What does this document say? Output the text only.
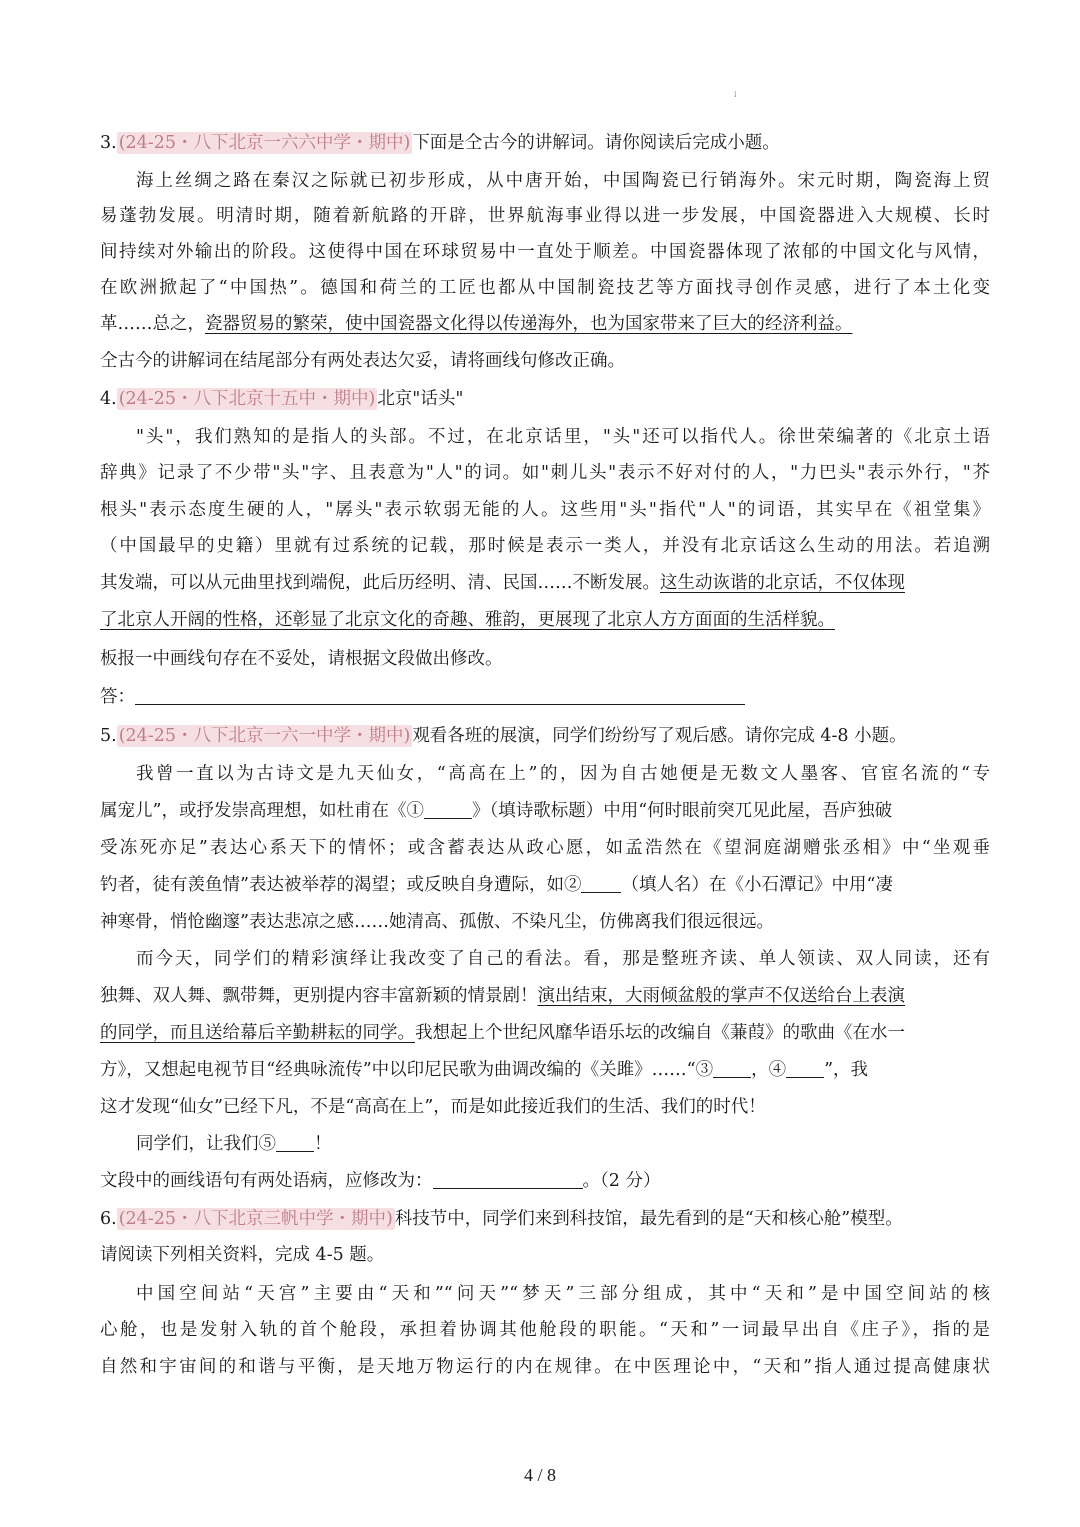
i
3. (24-25・八下北京一六六中学・期中) 下面是仝古今的讲解词。请你阅读后完成小题。
海上丝绸之路在秦汉之际就已初步形成，从中唐开始，中国陶瓷已行销海外。宋元时期，陶瓷海上贸
易蓬勃发展。明清时期，随着新航路的开辟，世界航海事业得以进一步发展，中国瓷器进入大规模、长时
间持续对外输出的阶段。这使得中国在环球贸易中一直处于顺差。中国瓷器体现了浓郁的中国文化与风情，
在欧洲掀起了“中国热”。德国和荷兰的工匠也都从中国制瓷技艺等方面找寻创作灵感，进行了本土化变
革……总之，瓷器贸易的繁荣，使中国瓷器文化得以传递海外，也为国家带来了巨大的经济利益。
仝古今的讲解词在结尾部分有两处表达欠妥，请将画线句修改正确。
4. (24-25・八下北京十五中・期中) 北京"话头"
"头"，我们熟知的是指人的头部。不过，在北京话里，"头"还可以指代人。徐世荣编著的《北京土语
辞典》记录了不少带"头"字、且表意为"人"的词。如"刺儿头"表示不好对付的人，"力巴头"表示外行，"芥
根头"表示态度生硬的人，"孱头"表示软弱无能的人。这些用"头"指代"人"的词语，其实早在《祖堂集》
（中国最早的史籍）里就有过系统的记载，那时候是表示一类人，并没有北京话这么生动的用法。若追溯
其发端，可以从元曲里找到端倪，此后历经明、清、民国……不断发展。这生动诙谐的北京话，不仅体现
了北京人开阔的性格，还彰显了北京文化的奇趣、雅韵，更展现了北京人方方面面的生活样貌。
板报一中画线句存在不妥处，请根据文段做出修改。
答：
5. (24-25・八下北京一六一中学・期中) 观看各班的展演，同学们纷纷写了观后感。请你完成 4-8 小题。
我曾一直以为古诗文是九天仙女，“高高在上”的，因为自古她便是无数文人墨客、官宦名流的“专
属宠儿”，或抒发崇高理想，如杜甫在《①	》（填诗歌标题）中用“何时眼前突兀见此屋，吾庐独破
受冻死亦足”表达心系天下的情怀；或含蓄表达从政心愿，如孟浩然在《望洞庭湖赠张丞相》中“坐观垂
钓者，徒有羡鱼情”表达被举荐的渴望；或反映自身遭际，如② （填人名）在《小石潭记》中用“凄
神寒骨，悄怆幽邃”表达悲凉之感……她清高、孤傲、不染凡尘，仿佛离我们很远很远。
而今天，同学们的精彩演绎让我改变了自己的看法。看，那是整班齐读、单人领读、双人同读，还有
独舞、双人舞、飘带舞，更别提内容丰富新颖的情景剧！演出结束，大雨倾盆般的掌声不仅送给台上表演
的同学，而且送给幕后辛勤耕耘的同学。我想起上个世纪风靡华语乐坛的改编自《蒹葭》的歌曲《在水一
方》，又想起电视节目“经典咏流传”中以印尼民歌为曲调改编的《关雎》……“③ ，④ ”，我
这才发现“仙女”已经下凡，不是“高高在上”，而是如此接近我们的生活、我们的时代！
同学们，让我们⑤ ！
文段中的画线语句有两处语病，应修改为：	。（2 分）
6. (24-25・八下北京三帆中学・期中) 科技节中，同学们来到科技馆，最先看到的是“天和核心舱”模型。
请阅读下列相关资料，完成 4-5 题。
中国空间站“天宫”主要由“天和”“问天”“梦天”三部分组成，其中“天和”是中国空间站的核
心舱，也是发射入轨的首个舱段，承担着协调其他舱段的职能。“天和”一词最早出自《庄子》，指的是
自然和宇宙间的和谐与平衡，是天地万物运行的内在规律。在中医理论中，“天和”指人通过提高健康状
4 / 8
